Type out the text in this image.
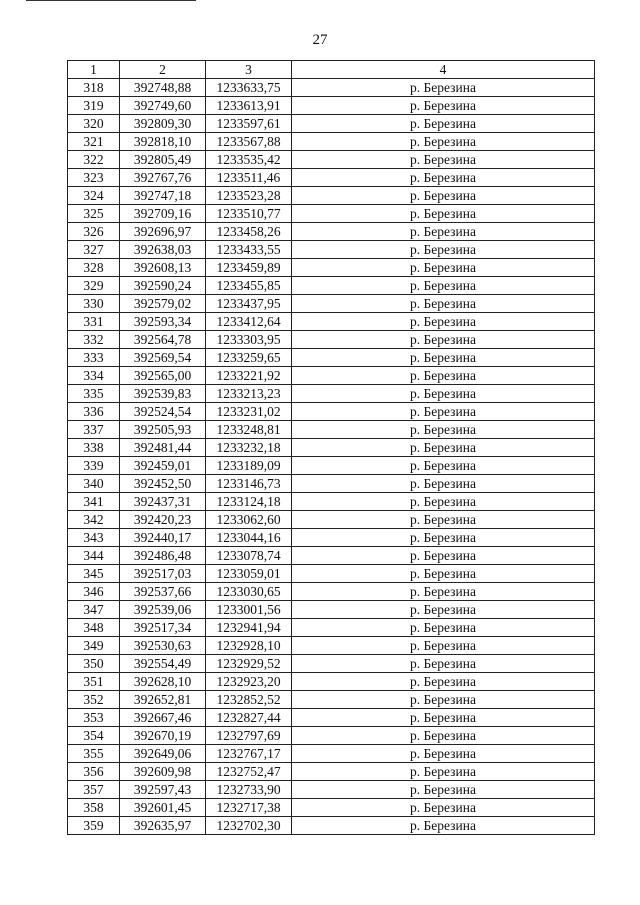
27
1	2	3	4
318	392748,88	1233633,75	р. Березина
319	392749,60	1233613,91	р. Березина
320	392809,30	1233597,61	р. Березина
321	392818,10	1233567,88	р. Березина
322	392805,49	1233535,42	р. Березина
323	392767,76	1233511,46	р. Березина
324	392747,18	1233523,28	р. Березина
325	392709,16	1233510,77	р. Березина
326	392696,97	1233458,26	р. Березина
327	392638,03	1233433,55	р. Березина
328	392608,13	1233459,89	р. Березина
329	392590,24	1233455,85	р. Березина
330	392579,02	1233437,95	р. Березина
331	392593,34	1233412,64	р. Березина
332	392564,78	1233303,95	р. Березина
333	392569,54	1233259,65	р. Березина
334	392565,00	1233221,92	р. Березина
335	392539,83	1233213,23	р. Березина
336	392524,54	1233231,02	р. Березина
337	392505,93	1233248,81	р. Березина
338	392481,44	1233232,18	р. Березина
339	392459,01	1233189,09	р. Березина
340	392452,50	1233146,73	р. Березина
341	392437,31	1233124,18	р. Березина
342	392420,23	1233062,60	р. Березина
343	392440,17	1233044,16	р. Березина
344	392486,48	1233078,74	р. Березина
345	392517,03	1233059,01	р. Березина
346	392537,66	1233030,65	р. Березина
347	392539,06	1233001,56	р. Березина
348	392517,34	1232941,94	р. Березина
349	392530,63	1232928,10	р. Березина
350	392554,49	1232929,52	р. Березина
351	392628,10	1232923,20	р. Березина
352	392652,81	1232852,52	р. Березина
353	392667,46	1232827,44	р. Березина
354	392670,19	1232797,69	р. Березина
355	392649,06	1232767,17	р. Березина
356	392609,98	1232752,47	р. Березина
357	392597,43	1232733,90	р. Березина
358	392601,45	1232717,38	р. Березина
359	392635,97	1232702,30	р. Березина
